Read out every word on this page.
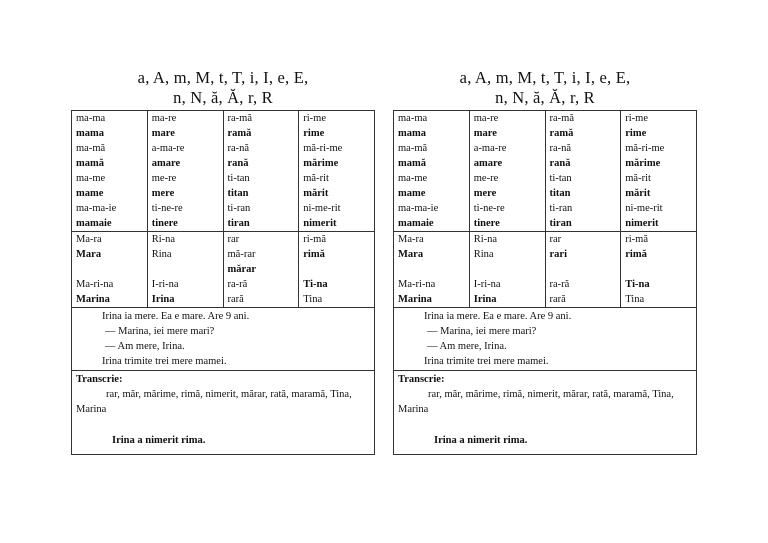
a, A, m, M, t, T, i, I, e, E,
n, N, ă, Ă, r, R
ma-ma	ma-re	ra-mă	ri-me
mama	mare	ramă	rime
ma-mă	a-ma-re	ra-nă	mă-ri-me
mamă	amare	rană	mărime
ma-me	me-re	ti-tan	mă-rit
mame	mere	titan	mărit
ma-ma-ie	ti-ne-re	ti-ran	ni-me-rit
mamaie	tinere	tiran	nimerit
Ma-ra	Ri-na	rar	ri-mă
Mara	Rina	mă-rar	rimă
		mărar	
Ma-ri-na	I-ri-na	ra-ră	Ti-na
Marina	Irina	rară	Tina
Irina ia mere. Ea e mare. Are 9 ani.
— Marina, iei mere mari?
— Am mere, Irina.
Irina trimite trei mere mamei.
Transcrie:
rar, măr, mărime, rimă, nimerit, mărar, rată, maramă, Tina, Marina
Irina a nimerit rima.
a, A, m, M, t, T, i, I, e, E,
n, N, ă, Ă, r, R
ma-ma	ma-re	ra-mă	ri-me
mama	mare	ramă	rime
ma-mă	a-ma-re	ra-nă	mă-ri-me
mamă	amare	rană	mărime
ma-me	me-re	ti-tan	mă-rit
mame	mere	titan	mărit
ma-ma-ie	ti-ne-re	ti-ran	ni-me-rit
mamaie	tinere	tiran	nimerit
Ma-ra	Ri-na	rar	ri-mă
Mara	Rina	rari	rimă

Ma-ri-na	I-ri-na	ra-ră	Ti-na
Marina	Irina	rară	Tina
Irina ia mere. Ea e mare. Are 9 ani.
— Marina, iei mere mari?
— Am mere, Irina.
Irina trimite trei mere mamei.
Transcrie:
rar, măr, mărime, rimă, nimerit, mărar, rată, maramă, Tina, Marina
Irina a nimerit rima.
